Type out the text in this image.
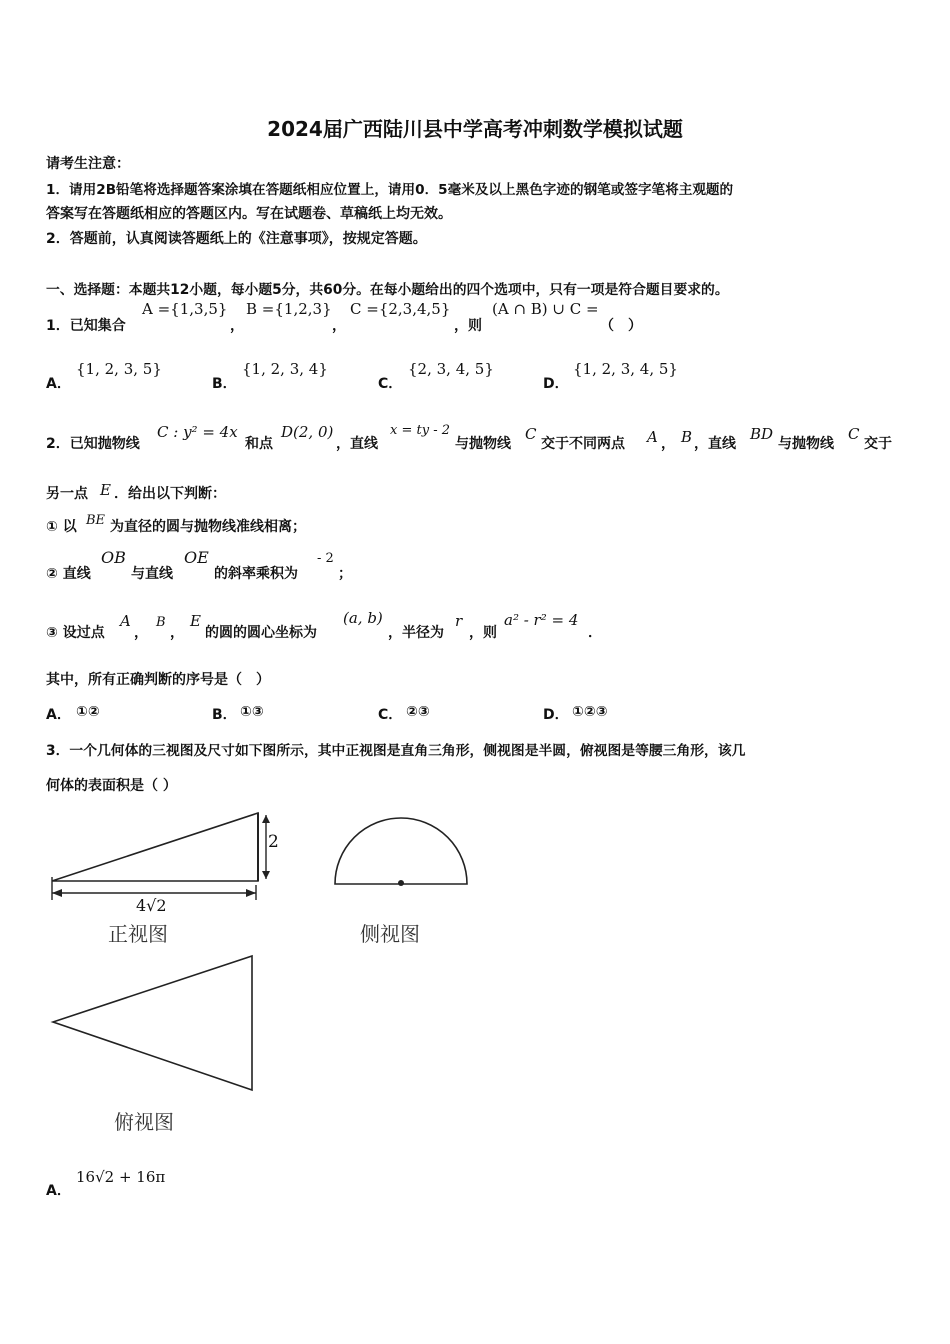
2024届广西陆川县中学高考冲刺数学模拟试题
请考生注意：
1．请用2B铅笔将选择题答案涂填在答题纸相应位置上，请用0．5毫米及以上黑色字迹的钢笔或签字笔将主观题的
答案写在答题纸相应的答题区内。写在试题卷、草稿纸上均无效。
2．答题前，认真阅读答题纸上的《注意事项》，按规定答题。
一、选择题：本题共12小题，每小题5分，共60分。在每小题给出的四个选项中，只有一项是符合题目要求的。
1．已知集合
A ={1,3,5}
，
B ={1,2,3}
，
C ={2,3,4,5}
，则
(A ∩ B) ∪ C =
（　）
A．
{1, 2, 3, 5}
B．
{1, 2, 3, 4}
C．
{2, 3, 4, 5}
D．
{1, 2, 3, 4, 5}
2．已知抛物线
C : y² = 4x
和点
D(2, 0)
，直线
x = ty - 2
与抛物线
C
交于不同两点 A ， B ，直线
BD
与抛物线
C
交于
另一点 E ．给出以下判断：
① 以 BE 为直径的圆与抛物线准线相离；
② 直线
OB
与直线
OE
的斜率乘积为
- 2
；
③ 设过点
A
，
B
，
E
的圆的圆心坐标为
(a, b)
，半径为
r
，则
a² - r² = 4
．
其中，所有正确判断的序号是（　）
A． ①②	B． ①③	C． ②③	D． ①②③
3．一个几何体的三视图及尺寸如下图所示，其中正视图是直角三角形，侧视图是半圆，俯视图是等腰三角形，该几
何体的表面积是（ ）
2
4√2
正视图	侧视图
俯视图
A．
16√2 + 16π
